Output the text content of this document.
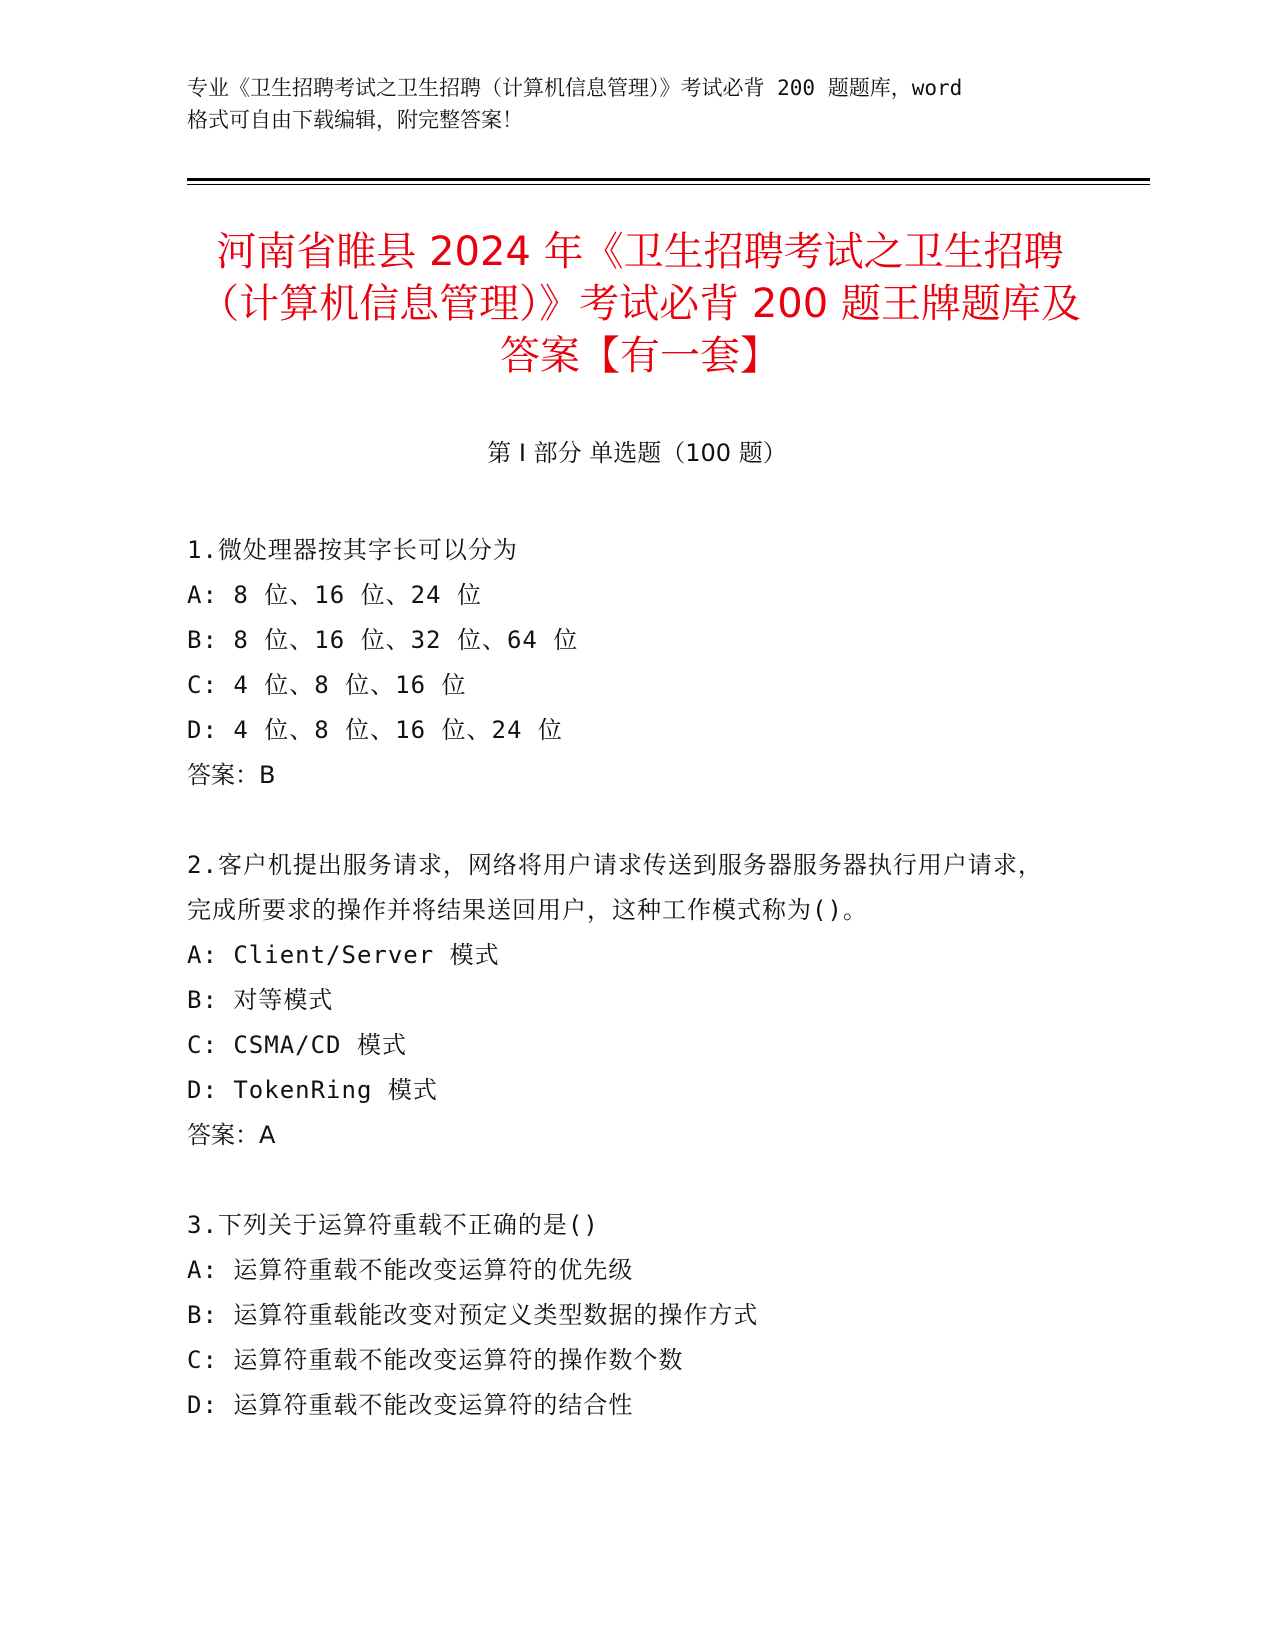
专业《卫生招聘考试之卫生招聘（计算机信息管理）》考试必背 200 题题库，word
格式可自由下载编辑，附完整答案！
河南省睢县 2024 年《卫生招聘考试之卫生招聘（计算机信息管理）》考试必背 200 题王牌题库及答案【有一套】
第 I 部分 单选题（100 题）
1.微处理器按其字长可以分为
A: 8 位、16 位、24 位
B: 8 位、16 位、32 位、64 位
C: 4 位、8 位、16 位
D: 4 位、8 位、16 位、24 位
答案：B
2.客户机提出服务请求，网络将用户请求传送到服务器服务器执行用户请求，完成所要求的操作并将结果送回用户，这种工作模式称为()。
A: Client/Server 模式
B: 对等模式
C: CSMA/CD 模式
D: TokenRing 模式
答案：A
3.下列关于运算符重载不正确的是()
A: 运算符重载不能改变运算符的优先级
B: 运算符重载能改变对预定义类型数据的操作方式
C: 运算符重载不能改变运算符的操作数个数
D: 运算符重载不能改变运算符的结合性
